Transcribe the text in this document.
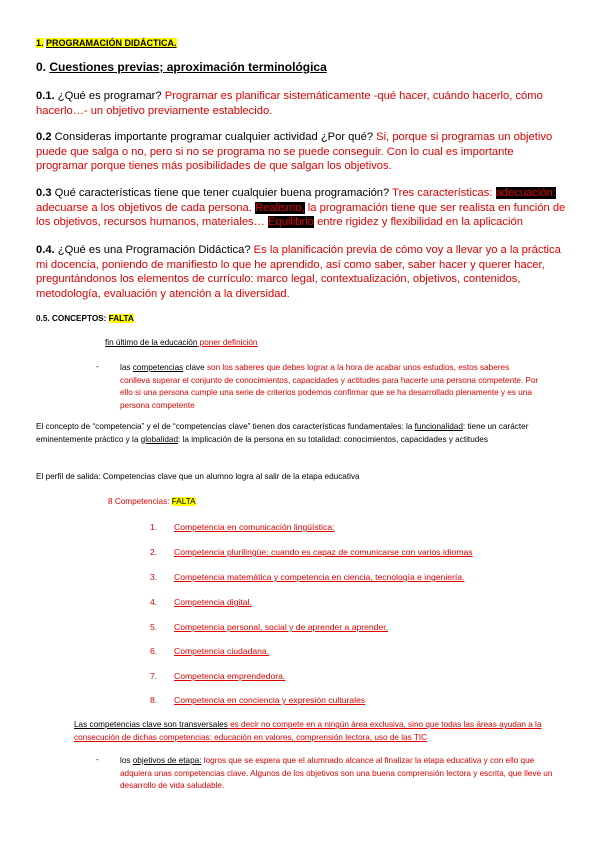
1. PROGRAMACIÓN DIDÁCTICA.
0. Cuestiones previas; aproximación terminológica

0.1. ¿Qué es programar? Programar es planificar sistemáticamente -qué hacer, cuándo hacerlo, cómo hacerlo…- un objetivo previamente establecido.

0.2 Consideras importante programar cualquier actividad ¿Por qué? Si, porque si programas un objetivo puede que salga o no, pero si no se programa no se puede conseguir. Con lo cual es importante programar porque tienes más posibilidades de que salgan los objetivos.

0.3 Qué características tiene que tener cualquier buena programación? Tres características: adecuación: adecuarse a los objetivos de cada persona. Realismo, la programación tiene que ser realista en función de los objetivos, recursos humanos, materiales… Equilibrio entre rigidez y flexibilidad en la aplicación

0.4. ¿Qué es una Programación Didáctica? Es la planificación previa de cómo voy a llevar yo a la práctica mi docencia, poniendo de manifiesto lo que he aprendido, así como saber, saber hacer y querer hacer, preguntándonos los elementos de currículo: marco legal, contextualización, objetivos, contenidos, metodología, evaluación y atención a la diversidad.

0.5. CONCEPTOS: FALTA
fin último de la educación poner definición
-	las competencias clave son los saberes que debes lograr a la hora de acabar unos estudios, estos saberes conlleva superar el conjunto de conocimientos, capacidades y actitudes para hacerte una persona competente. Por ello si una persona cumple una serie de criterios podemos confirmar que se ha desarrollado plenamente y es una persona competente

El concepto de “competencia” y el de “competencias clave” tienen dos características fundamentales: la funcionalidad: tiene un carácter eminentemente práctico y la globalidad: la implicación de la persona en su totalidad: conocimientos, capacidades y actitudes

El perfil de salida: Competencias clave que un alumno logra al salir de la etapa educativa
8 Competencias: FALTA
1. Competencia en comunicación lingüística:
2. Competencia plurilingüe: cuando es capaz de comunicarse con varios idiomas
3. Competencia matemática y competencia en ciencia, tecnología e ingeniería.
4. Competencia digital.
5. Competencia personal, social y de aprender a aprender.
6. Competencia ciudadana.
7. Competencia emprendedora.
8. Competencia en conciencia y expresión culturales

Las competencias clave son transversales es decir no compete en a ningún área exclusiva, sino que todas las áreas ayudan a la consecución de dichas competencias: educación en valores, comprensión lectora, uso de las TIC

-	los objetivos de etapa: logros que se espera que el alumnado alcance al finalizar la etapa educativa y con ello que adquiera unas competencias clave. Algunos de los objetivos son una buena comprensión lectora y escrita, que lleve un desarrollo de vida saludable.
